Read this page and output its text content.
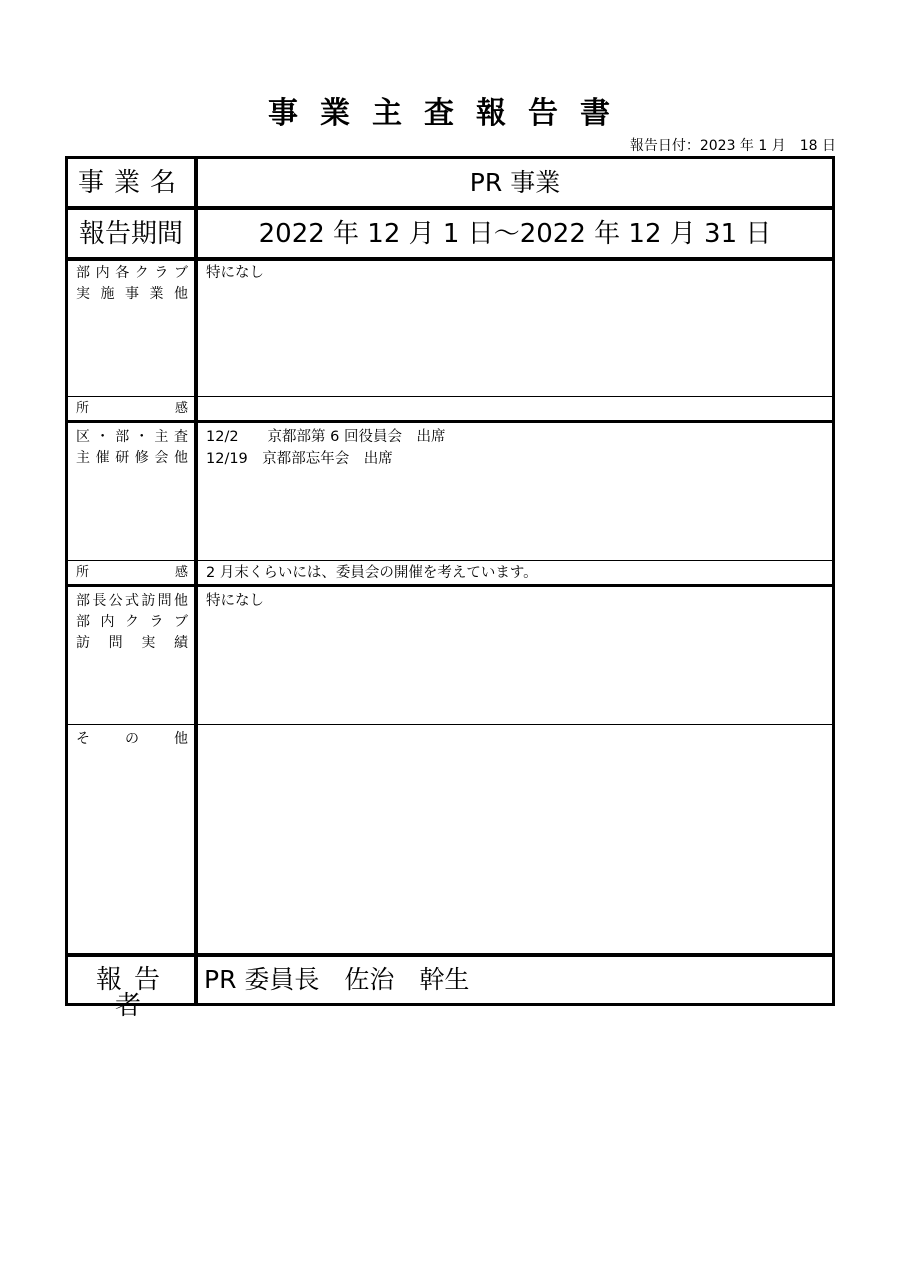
事業主査報告書
報告日付：2023 年 1 月　18 日
事業名	PR 事業
報告期間	2022 年 12 月 1 日〜2022 年 12 月 31 日
部内各クラブ
実施事業他
特になし
所感
区・部・主査
主催研修会他
12/2　　京都部第 6 回役員会　出席
12/19　京都部忘年会　出席
所感 2 月末くらいには、委員会の開催を考えています。
部長公式訪問他
部内クラブ
訪問実績
特になし
その他
報告者
PR 委員長　佐治　幹生
